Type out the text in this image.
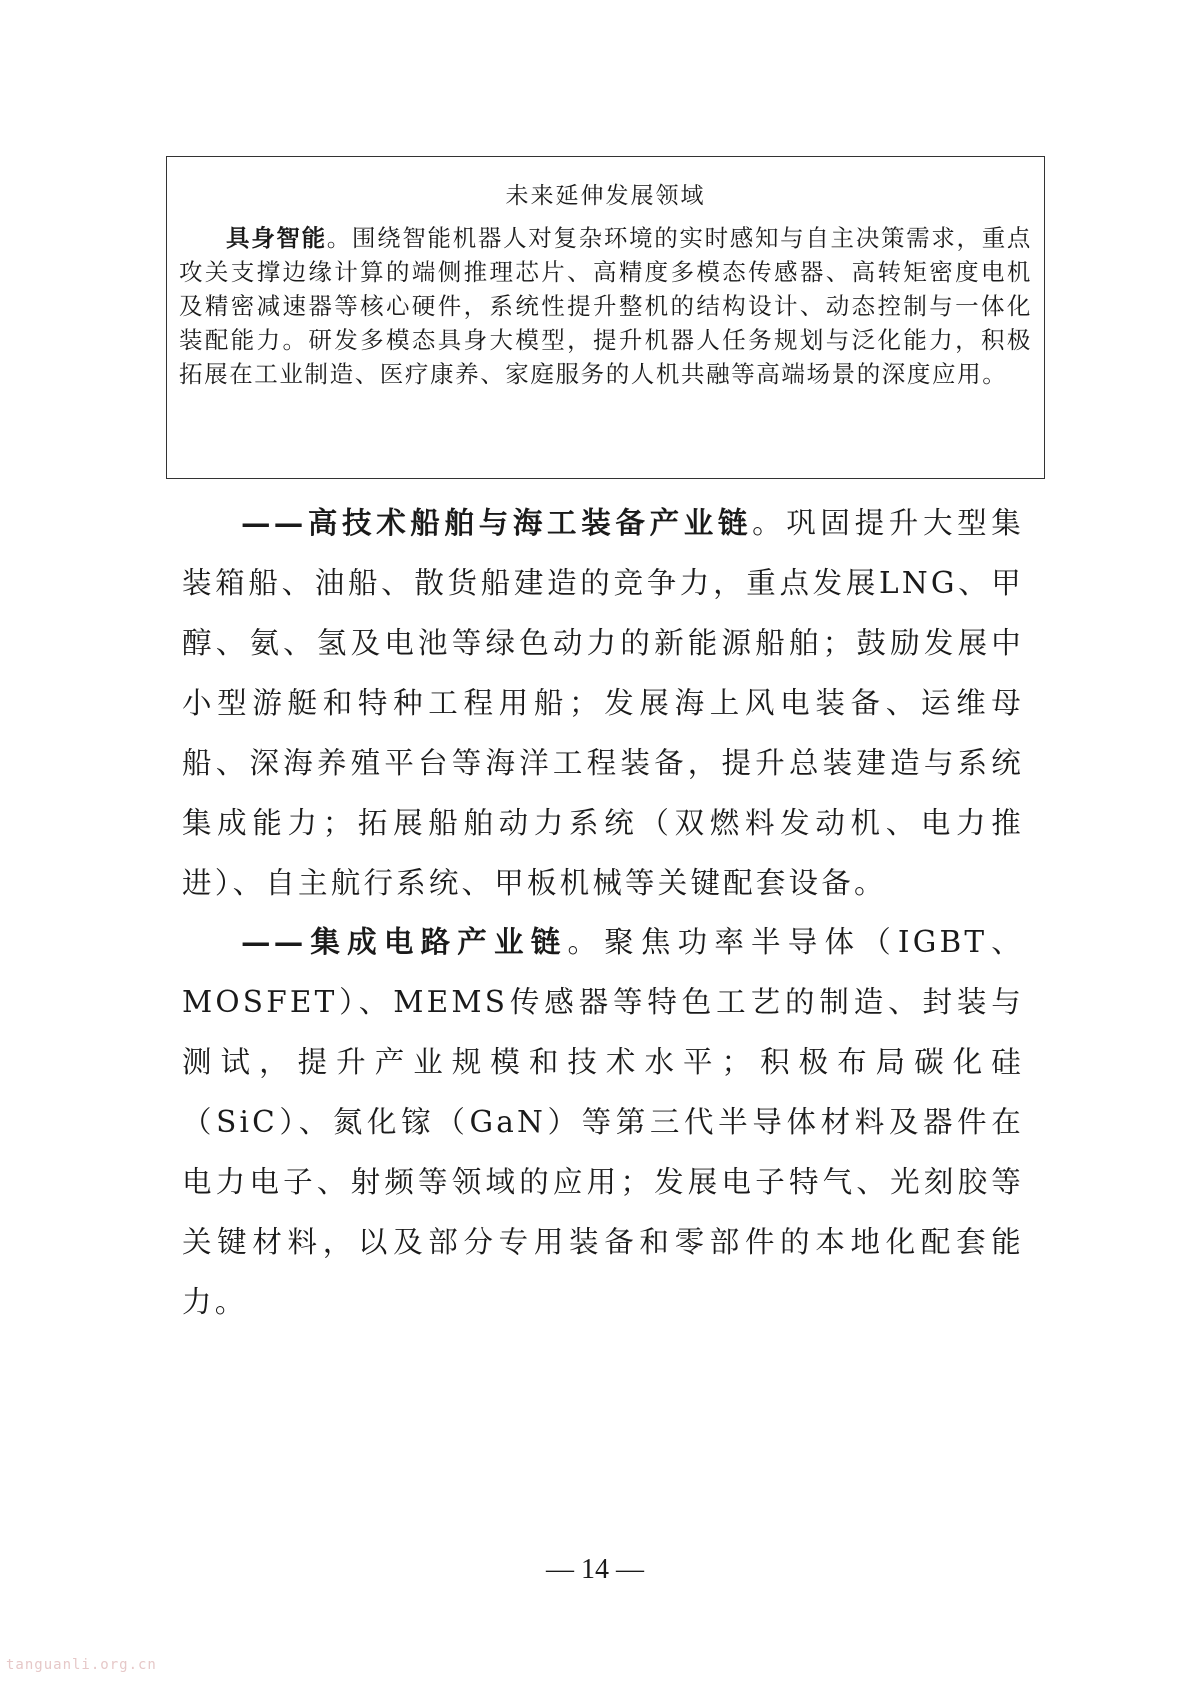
未来延伸发展领域

具身智能。围绕智能机器人对复杂环境的实时感知与自主决策需求，重点攻关支撑边缘计算的端侧推理芯片、高精度多模态传感器、高转矩密度电机及精密减速器等核心硬件，系统性提升整机的结构设计、动态控制与一体化装配能力。研发多模态具身大模型，提升机器人任务规划与泛化能力，积极拓展在工业制造、医疗康养、家庭服务的人机共融等高端场景的深度应用。

——高技术船舶与海工装备产业链。巩固提升大型集装箱船、油船、散货船建造的竞争力，重点发展LNG、甲醇、氨、氢及电池等绿色动力的新能源船舶；鼓励发展中小型游艇和特种工程用船；发展海上风电装备、运维母船、深海养殖平台等海洋工程装备，提升总装建造与系统集成能力；拓展船舶动力系统（双燃料发动机、电力推进）、自主航行系统、甲板机械等关键配套设备。

——集成电路产业链。聚焦功率半导体（IGBT、MOSFET）、MEMS传感器等特色工艺的制造、封装与测试，提升产业规模和技术水平；积极布局碳化硅（SiC）、氮化镓（GaN）等第三代半导体材料及器件在电力电子、射频等领域的应用；发展电子特气、光刻胶等关键材料，以及部分专用装备和零部件的本地化配套能力。

— 14 —
tanguanli.org.cn
